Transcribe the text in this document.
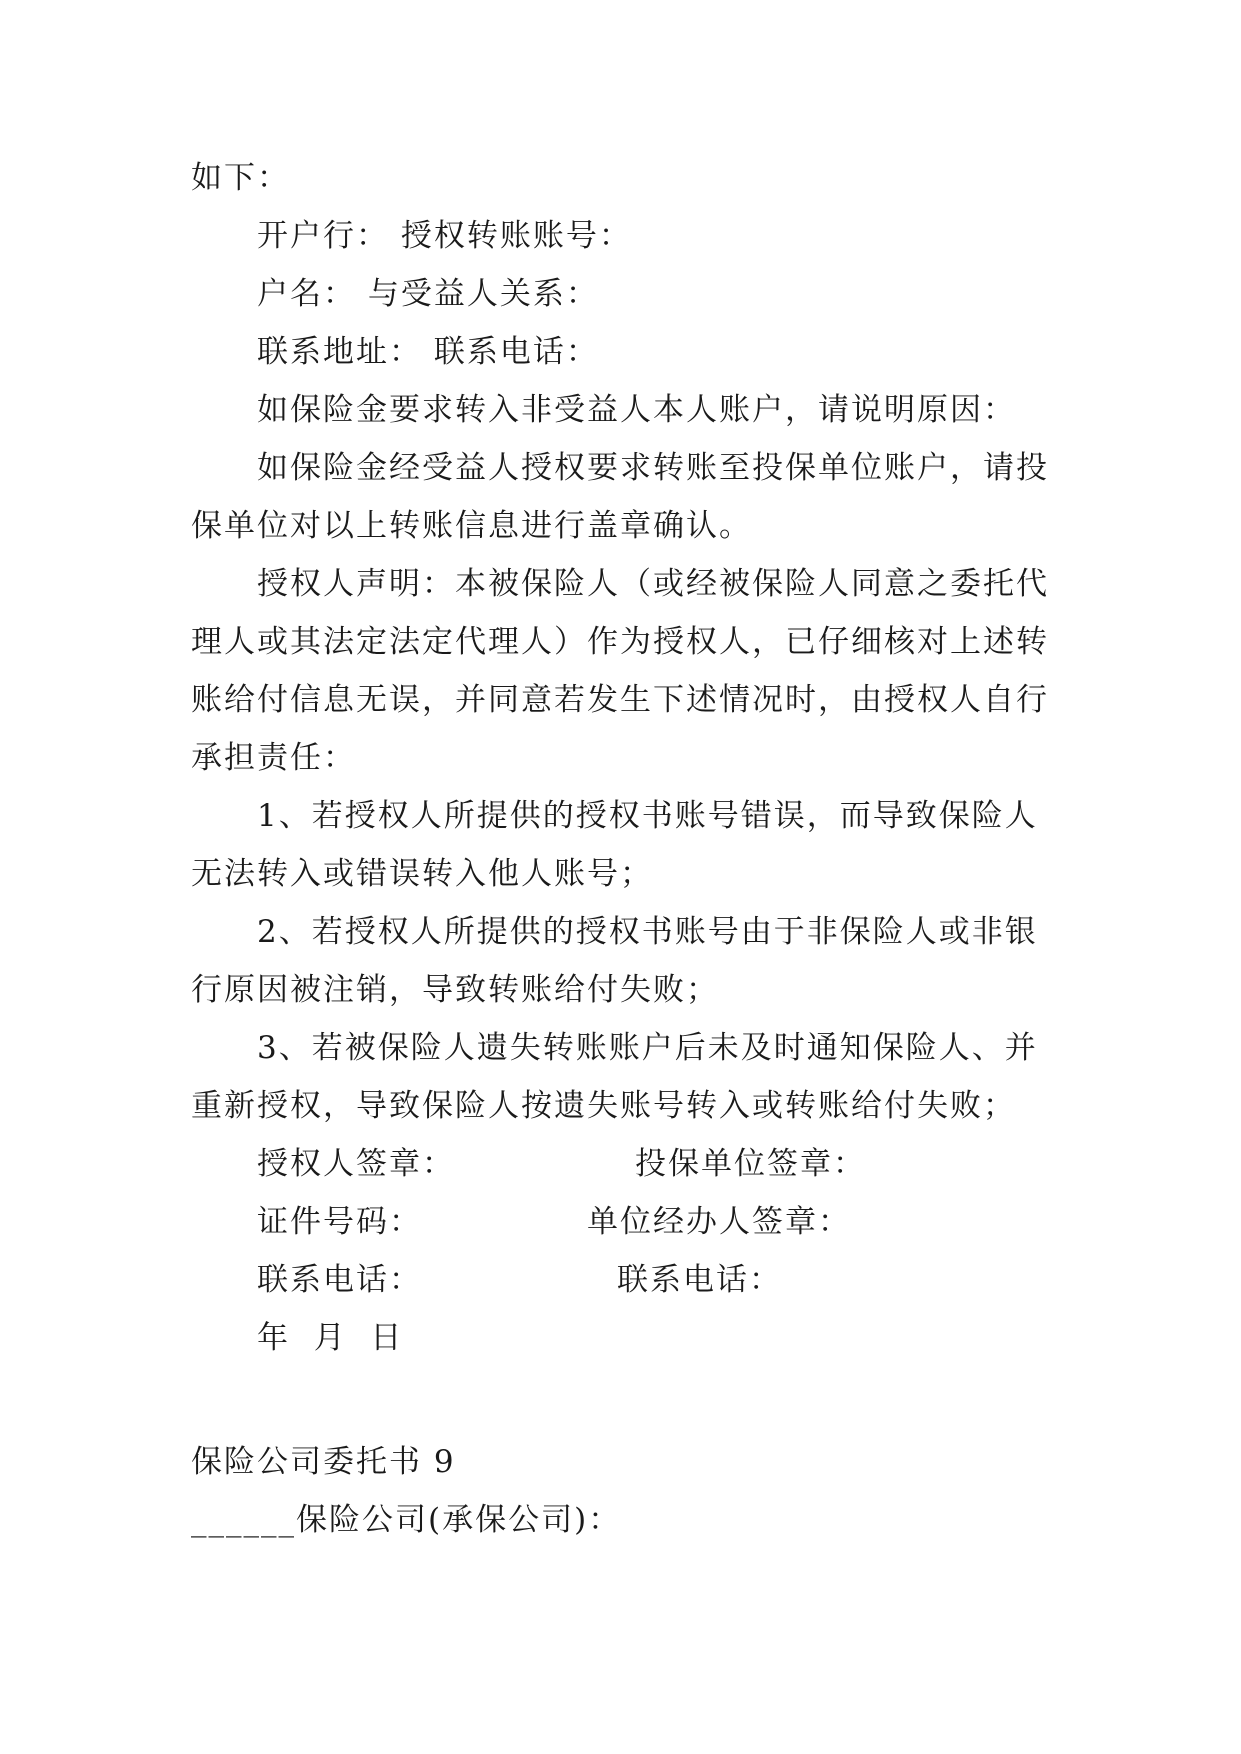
如下：
开户行： 授权转账账号：
户名： 与受益人关系：
联系地址： 联系电话：
如保险金要求转入非受益人本人账户，请说明原因：
如保险金经受益人授权要求转账至投保单位账户，请投
保单位对以上转账信息进行盖章确认。
授权人声明：本被保险人（或经被保险人同意之委托代
理人或其法定法定代理人）作为授权人，已仔细核对上述转
账给付信息无误，并同意若发生下述情况时，由授权人自行
承担责任：
1、若授权人所提供的授权书账号错误，而导致保险人
无法转入或错误转入他人账号；
2、若授权人所提供的授权书账号由于非保险人或非银
行原因被注销，导致转账给付失败；
3、若被保险人遗失转账账户后未及时通知保险人、并
重新授权，导致保险人按遗失账号转入或转账给付失败；
授权人签章：	投保单位签章：
证件号码：	单位经办人签章：
联系电话：	联系电话：
年  月  日
保险公司委托书 9
______保险公司(承保公司)：
